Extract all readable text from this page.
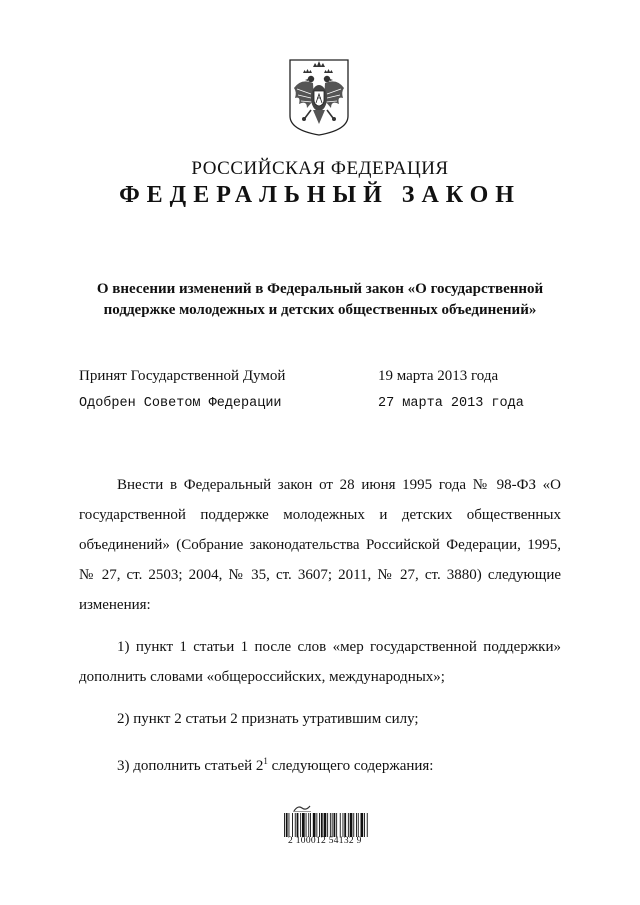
РОССИЙСКАЯ ФЕДЕРАЦИЯ
ФЕДЕРАЛЬНЫЙ ЗАКОН
О внесении изменений в Федеральный закон «О государственной
поддержке молодежных и детских общественных объединений»
Принят Государственной Думой	19 марта 2013 года
Одобрен Советом Федерации	27 марта 2013 года

Внести в Федеральный закон от 28 июня 1995 года № 98-ФЗ «О государственной поддержке молодежных и детских общественных объединений» (Собрание законодательства Российской Федерации, 1995, № 27, ст. 2503; 2004, № 35, ст. 3607; 2011, № 27, ст. 3880) следующие изменения:

1) пункт 1 статьи 1 после слов «мер государственной поддержки» дополнить словами «общероссийских, международных»;

2) пункт 2 статьи 2 признать утратившим силу;

3) дополнить статьей $2^1$ следующего содержания:

2 100012 54132 9
